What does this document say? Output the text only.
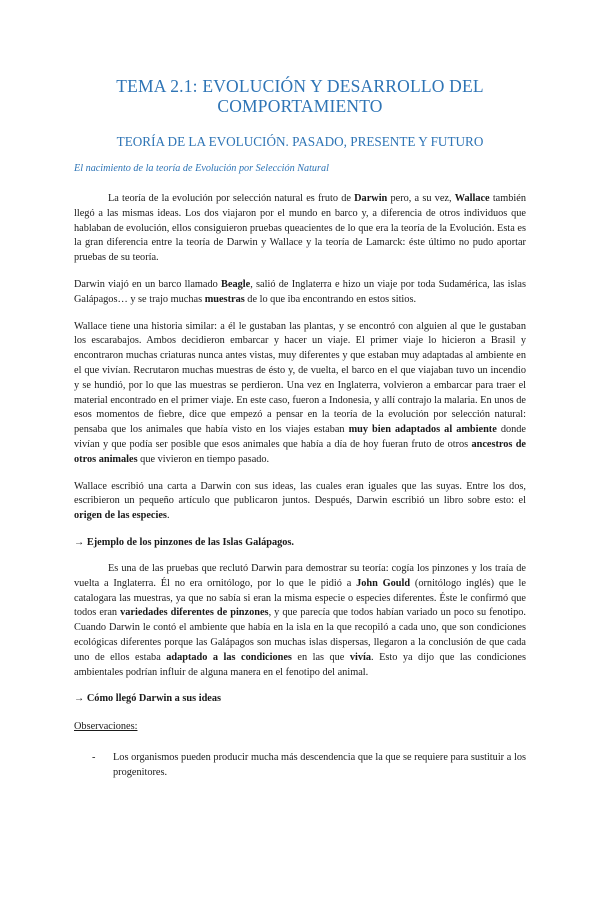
TEMA 2.1: EVOLUCIÓN Y DESARROLLO DEL COMPORTAMIENTO
TEORÍA DE LA EVOLUCIÓN. PASADO, PRESENTE Y FUTURO
El nacimiento de la teoría de Evolución por Selección Natural

La teoría de la evolución por selección natural es fruto de Darwin pero, a su vez, Wallace también llegó a las mismas ideas. Los dos viajaron por el mundo en barco y, a diferencia de otros individuos que hablaban de evolución, ellos consiguieron pruebas queacientes de lo que era la teoría de la Evolución. Esta es la gran diferencia entre la teoría de Darwin y Wallace y la teoría de Lamarck: éste último no pudo aportar pruebas de su teoría.

Darwin viajó en un barco llamado Beagle, salió de Inglaterra e hizo un viaje por toda Sudamérica, las islas Galápagos… y se trajo muchas muestras de lo que iba encontrando en estos sitios.

Wallace tiene una historia similar: a él le gustaban las plantas, y se encontró con alguien al que le gustaban los escarabajos. Ambos decidieron embarcar y hacer un viaje. El primer viaje lo hicieron a Brasil y encontraron muchas criaturas nunca antes vistas, muy diferentes y que estaban muy adaptadas al ambiente en el que vivían. Recrutaron muchas muestras de ésto y, de vuelta, el barco en el que viajaban tuvo un incendio y se hundió, por lo que las muestras se perdieron. Una vez en Inglaterra, volvieron a embarcar para traer el material encontrado en el primer viaje. En este caso, fueron a Indonesia, y allí contrajo la malaria. En unos de esos momentos de fiebre, dice que empezó a pensar en la teoría de la evolución por selección natural: pensaba que los animales que había visto en los viajes estaban muy bien adaptados al ambiente donde vivían y que podía ser posible que esos animales que había a día de hoy fueran fruto de otros ancestros de otros animales que vivieron en tiempo pasado.

Wallace escribió una carta a Darwin con sus ideas, las cuales eran iguales que las suyas. Entre los dos, escribieron un pequeño artículo que publicaron juntos. Después, Darwin escribió un libro sobre esto: el origen de las especies.

→ Ejemplo de los pinzones de las Islas Galápagos.

Es una de las pruebas que reclutó Darwin para demostrar su teoría: cogía los pinzones y los traía de vuelta a Inglaterra. Él no era ornitólogo, por lo que le pidió a John Gould (ornitólogo inglés) que le catalogara las muestras, ya que no sabía si eran la misma especie o especies diferentes. Éste le confirmó que todos eran variedades diferentes de pinzones, y que parecía que todos habían variado un poco su fenotipo. Cuando Darwin le contó el ambiente que había en la isla en la que recopiló a cada uno, que son condiciones ecológicas diferentes porque las Galápagos son muchas islas dispersas, llegaron a la conclusión de que cada uno de ellos estaba adaptado a las condiciones en las que vivía. Esto ya dijo que las condiciones ambientales podrían influir de alguna manera en el fenotipo del animal.

→ Cómo llegó Darwin a sus ideas
Observaciones:
-	Los organismos pueden producir mucha más descendencia que la que se requiere para sustituir a los progenitores.
